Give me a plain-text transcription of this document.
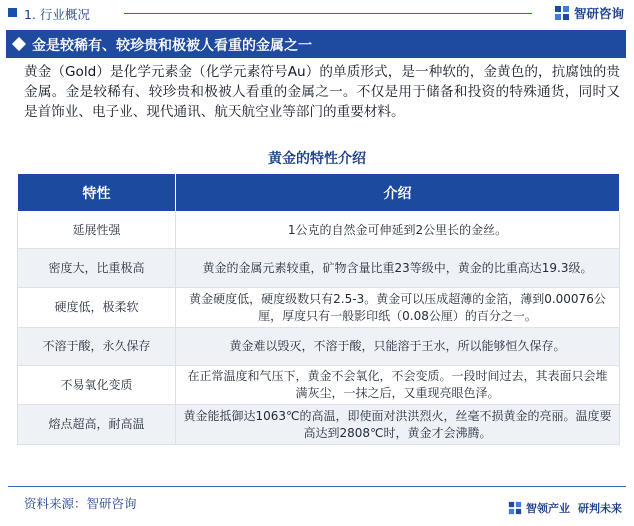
1. 行业概况	智研咨询
金是较稀有、较珍贵和极被人看重的金属之一

黄金（Gold）是化学元素金（化学元素符号Au）的单质形式，是一种软的，金黄色的，抗腐蚀的贵金属。金是较稀有、较珍贵和极被人看重的金属之一。不仅是用于储备和投资的特殊通货，同时又是首饰业、电子业、现代通讯、航天航空业等部门的重要材料。

黄金的特性介绍
特性	介绍
延展性强	1公克的自然金可伸延到2公里长的金丝。
密度大，比重极高	黄金的金属元素较重，矿物含量比重23等级中，黄金的比重高达19.3级。
硬度低，极柔软	黄金硬度低，硬度级数只有2.5-3。黄金可以压成超薄的金箔，薄到0.00076公厘，厚度只有一般影印纸（0.08公厘）的百分之一。
不溶于酸，永久保存	黄金难以毁灭，不溶于酸，只能溶于王水，所以能够恒久保存。
不易氧化变质	在正常温度和气压下，黄金不会氧化，不会变质。一段时间过去，其表面只会堆满灰尘，一抹之后，又重现亮眼色泽。
熔点超高，耐高温	黄金能抵御达1063℃的高温，即使面对洪洪烈火，丝毫不损黄金的亮丽。温度要高达到2808℃时，黄金才会沸腾。
资料来源：智研咨询	智领产业 研判未来
